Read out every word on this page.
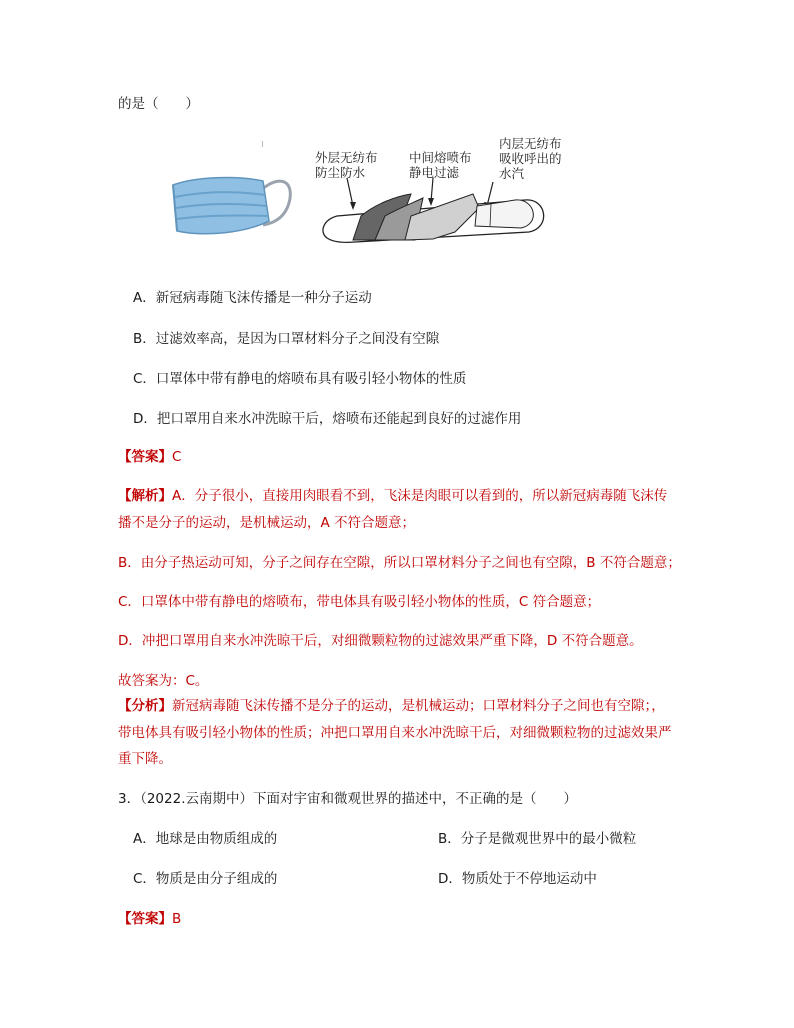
的是（　　）
外层无纺布
防尘防水
中间熔喷布
静电过滤
内层无纺布
吸收呼出的
水汽
A．新冠病毒随飞沫传播是一种分子运动
B．过滤效率高，是因为口罩材料分子之间没有空隙
C．口罩体中带有静电的熔喷布具有吸引轻小物体的性质
D．把口罩用自来水冲洗晾干后，熔喷布还能起到良好的过滤作用
【答案】C
【解析】A．分子很小，直接用肉眼看不到，飞沫是肉眼可以看到的，所以新冠病毒随飞沫传
播不是分子的运动，是机械运动，A 不符合题意；
B．由分子热运动可知，分子之间存在空隙，所以口罩材料分子之间也有空隙，B 不符合题意；
C．口罩体中带有静电的熔喷布，带电体具有吸引轻小物体的性质，C 符合题意；
D．冲把口罩用自来水冲洗晾干后，对细微颗粒物的过滤效果严重下降，D 不符合题意。
故答案为：C。
【分析】新冠病毒随飞沫传播不是分子的运动，是机械运动；口罩材料分子之间也有空隙；，
带电体具有吸引轻小物体的性质；冲把口罩用自来水冲洗晾干后，对细微颗粒物的过滤效果严
重下降。
3．（2022.云南期中）下面对宇宙和微观世界的描述中，不正确的是（　　）
A．地球是由物质组成的	B．分子是微观世界中的最小微粒
C．物质是由分子组成的	D．物质处于不停地运动中
【答案】B
